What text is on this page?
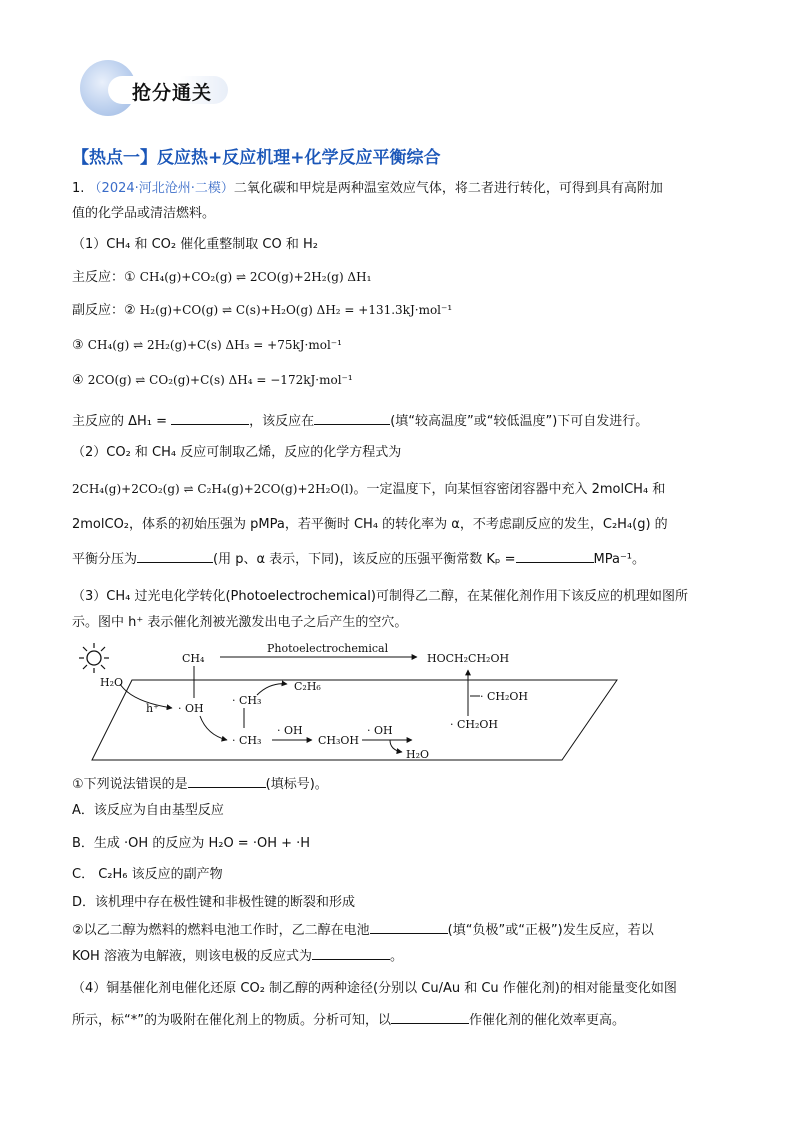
抢分通关
【热点一】反应热+反应机理+化学反应平衡综合
1. （2024·河北沧州·二模）二氧化碳和甲烷是两种温室效应气体，将二者进行转化，可得到具有高附加
值的化学品或清洁燃料。
（1）CH₄ 和 CO₂ 催化重整制取 CO 和 H₂
主反应：① CH₄(g)+CO₂(g) ⇌ 2CO(g)+2H₂(g) ΔH₁
副反应：② H₂(g)+CO(g) ⇌ C(s)+H₂O(g) ΔH₂ = +131.3kJ·mol⁻¹
③ CH₄(g) ⇌ 2H₂(g)+C(s) ΔH₃ = +75kJ·mol⁻¹
④ 2CO(g) ⇌ CO₂(g)+C(s) ΔH₄ = −172kJ·mol⁻¹
主反应的 ΔH₁ =	，该反应在	(填“较高温度”或“较低温度”)下可自发进行。
（2）CO₂ 和 CH₄ 反应可制取乙烯，反应的化学方程式为
2CH₄(g)+2CO₂(g) ⇌ C₂H₄(g)+2CO(g)+2H₂O(l)。一定温度下，向某恒容密闭容器中充入 2molCH₄ 和
2molCO₂，体系的初始压强为 pMPa，若平衡时 CH₄ 的转化率为 α，不考虑副反应的发生，C₂H₄(g) 的
平衡分压为	(用 p、α 表示，下同)，该反应的压强平衡常数 Kₚ =	MPa⁻¹。
（3）CH₄ 过光电化学转化(Photoelectrochemical)可制得乙二醇，在某催化剂作用下该反应的机理如图所
示。图中 h⁺ 表示催化剂被光激发出电子之后产生的空穴。
CH₄
Photoelectrochemical
HOCH₂CH₂OH
H₂O
h⁺ · OH
· CH₃
C₂H₆
· CH₃
· OH
CH₃OH
· OH
H₂O
· CH₂OH
· CH₂OH
①下列说法错误的是	(填标号)。
A．该反应为自由基型反应
B．生成 ·OH 的反应为 H₂O = ·OH + ·H
C． C₂H₆ 该反应的副产物
D．该机理中存在极性键和非极性键的断裂和形成
②以乙二醇为燃料的燃料电池工作时，乙二醇在电池	(填“负极”或“正极”)发生反应，若以
KOH 溶液为电解液，则该电极的反应式为	。
（4）铜基催化剂电催化还原 CO₂ 制乙醇的两种途径(分别以 Cu/Au 和 Cu 作催化剂)的相对能量变化如图
所示，标“*”的为吸附在催化剂上的物质。分析可知，以	作催化剂的催化效率更高。
